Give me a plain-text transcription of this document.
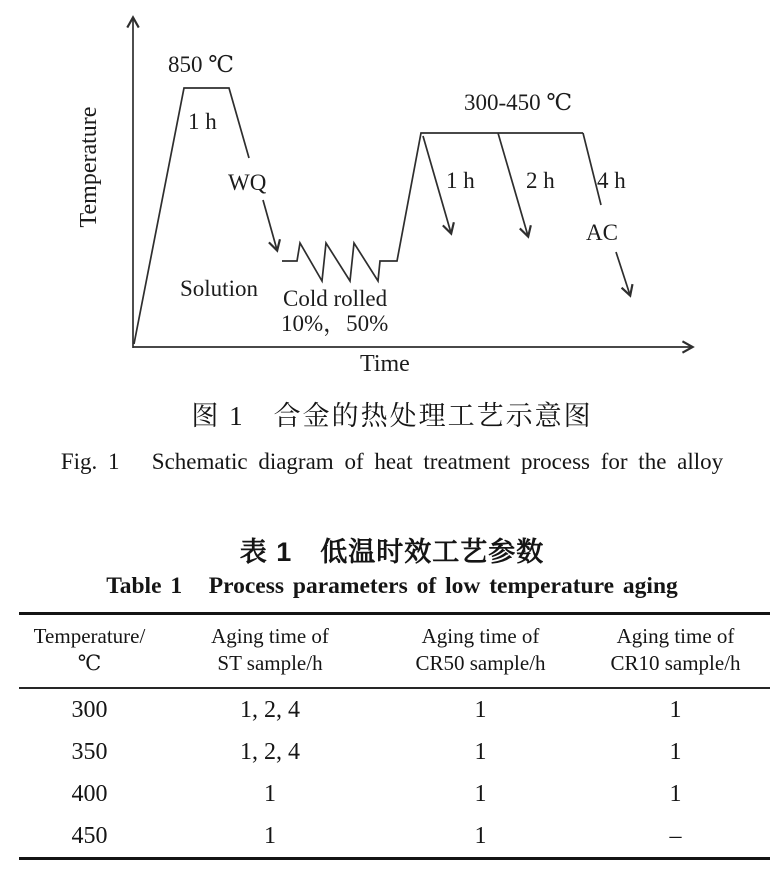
Temperature
Time
850 ℃
1 h
WQ
Solution Cold rolled
10%，50%
300-450 ℃
1 h 2 h 4 h
AC
图 1　合金的热处理工艺示意图
Fig. 1   Schematic diagram of heat treatment process for the alloy
表 1　低温时效工艺参数
Table 1   Process parameters of low temperature aging
Temperature/
℃

Aging time of
ST sample/h

Aging time of
CR50 sample/h

Aging time of
CR10 sample/h

300	1, 2, 4	1	1
350	1, 2, 4	1	1
400	1	1	1
450	1	1	–
